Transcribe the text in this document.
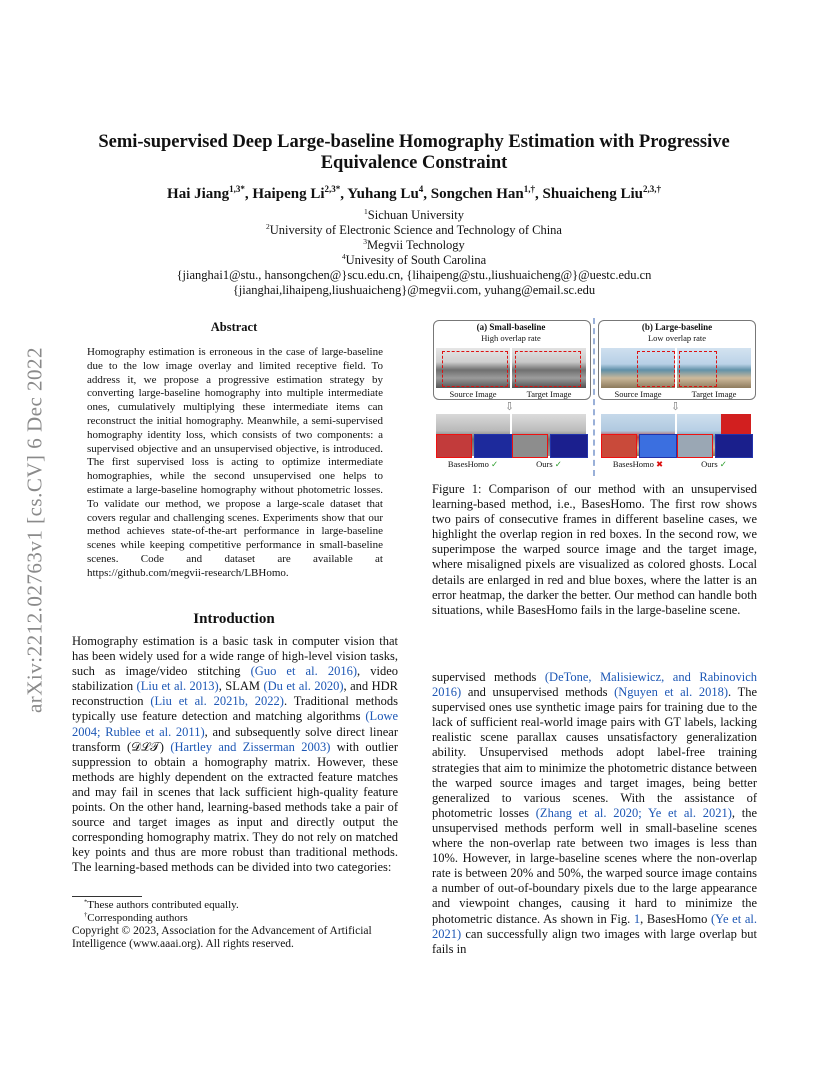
arXiv:2212.02763v1 [cs.CV] 6 Dec 2022
Semi-supervised Deep Large-baseline Homography Estimation with Progressive Equivalence Constraint
Hai Jiang$^{1,3*}$, Haipeng $Li^{2,3*}$, Yuhang Lu$^4$, Songchen Han$^{1,\dagger}$, Shuaicheng Liu$^{2,3,\dagger}$
$^1$Sichuan University
$^2$University of Electronic Science and Technology of China
$^3$Megvii Technology
$^4$Univesity of South Carolina
{jianghai1@stu., hansongchen@}scu.edu.cn, {lihaipeng@stu.,liushuaicheng@}@uestc.edu.cn
{jianghai,lihaipeng,liushuaicheng}@megvii.com, yuhang@email.sc.edu
Abstract
Homography estimation is erroneous in the case of large-baseline due to the low image overlay and limited receptive field. To address it, we propose a progressive estimation strategy by converting large-baseline homography into multiple intermediate ones, cumulatively multiplying these intermediate items can reconstruct the initial homography. Meanwhile, a semi-supervised homography identity loss, which consists of two components: a supervised objective and an unsupervised objective, is introduced. The first supervised loss is acting to optimize intermediate homographies, while the second unsupervised one helps to estimate a large-baseline homography without photometric losses. To validate our method, we propose a large-scale dataset that covers regular and challenging scenes. Experiments show that our method achieves state-of-the-art performance in large-baseline scenes while keeping competitive performance in small-baseline scenes. Code and dataset are available at https://github.com/megvii-research/LBHomo.
Introduction
Homography estimation is a basic task in computer vision that has been widely used for a wide range of high-level vision tasks, such as image/video stitching (Guo et al. 2016), video stabilization (Liu et al. 2013), SLAM (Du et al. 2020), and HDR reconstruction (Liu et al. 2021b, 2022). Traditional methods typically use feature detection and matching algorithms (Lowe 2004; Rublee et al. 2011), and subsequently solve direct linear transform (𝒟ℒ𝒯) (Hartley and Zisserman 2003) with outlier suppression to obtain a homography matrix. However, these methods are highly dependent on the extracted feature matches and may fail in scenes that lack sufficient high-quality feature points. On the other hand, learning-based methods take a pair of source and target images as input and directly output the corresponding homography matrix. They do not rely on matched key points and thus are more robust than traditional methods. The learning-based methods can be divided into two categories:
*These authors contributed equally.
†Corresponding authors
Copyright © 2023, Association for the Advancement of Artificial Intelligence (www.aaai.org). All rights reserved.
(a) Small-baseline
High overlap rate
(b) Large-baseline
Low overlap rate
Source Image	Target Image	Source Image	Target Image
⇩	⇩
BasesHomo ✓	Ours ✓	BasesHomo ✖	Ours ✓
Figure 1: Comparison of our method with an unsupervised learning-based method, i.e., BasesHomo. The first row shows two pairs of consecutive frames in different baseline cases, we highlight the overlap region in red boxes. In the second row, we superimpose the warped source image and the target image, where misaligned pixels are visualized as colored ghosts. Local details are enlarged in red and blue boxes, where the latter is an error heatmap, the darker the better. Our method can handle both situations, while BasesHomo fails in the large-baseline scene.
supervised methods (DeTone, Malisiewicz, and Rabinovich 2016) and unsupervised methods (Nguyen et al. 2018). The supervised ones use synthetic image pairs for training due to the lack of sufficient real-world image pairs with GT labels, lacking realistic scene parallax causes unsatisfactory generalization ability. Unsupervised methods adopt label-free training strategies that aim to minimize the photometric distance between the warped source images and target images, being better generalized to various scenes. With the assistance of photometric losses (Zhang et al. 2020; Ye et al. 2021), the unsupervised methods perform well in small-baseline scenes where the non-overlap rate between two images is less than 10%. However, in large-baseline scenes where the non-overlap rate is between 20% and 50%, the warped source image contains a number of out-of-boundary pixels due to the large appearance and viewpoint changes, causing it hard to minimize the photometric distance. As shown in Fig. 1, BasesHomo (Ye et al. 2021) can successfully align two images with large overlap but fails in
